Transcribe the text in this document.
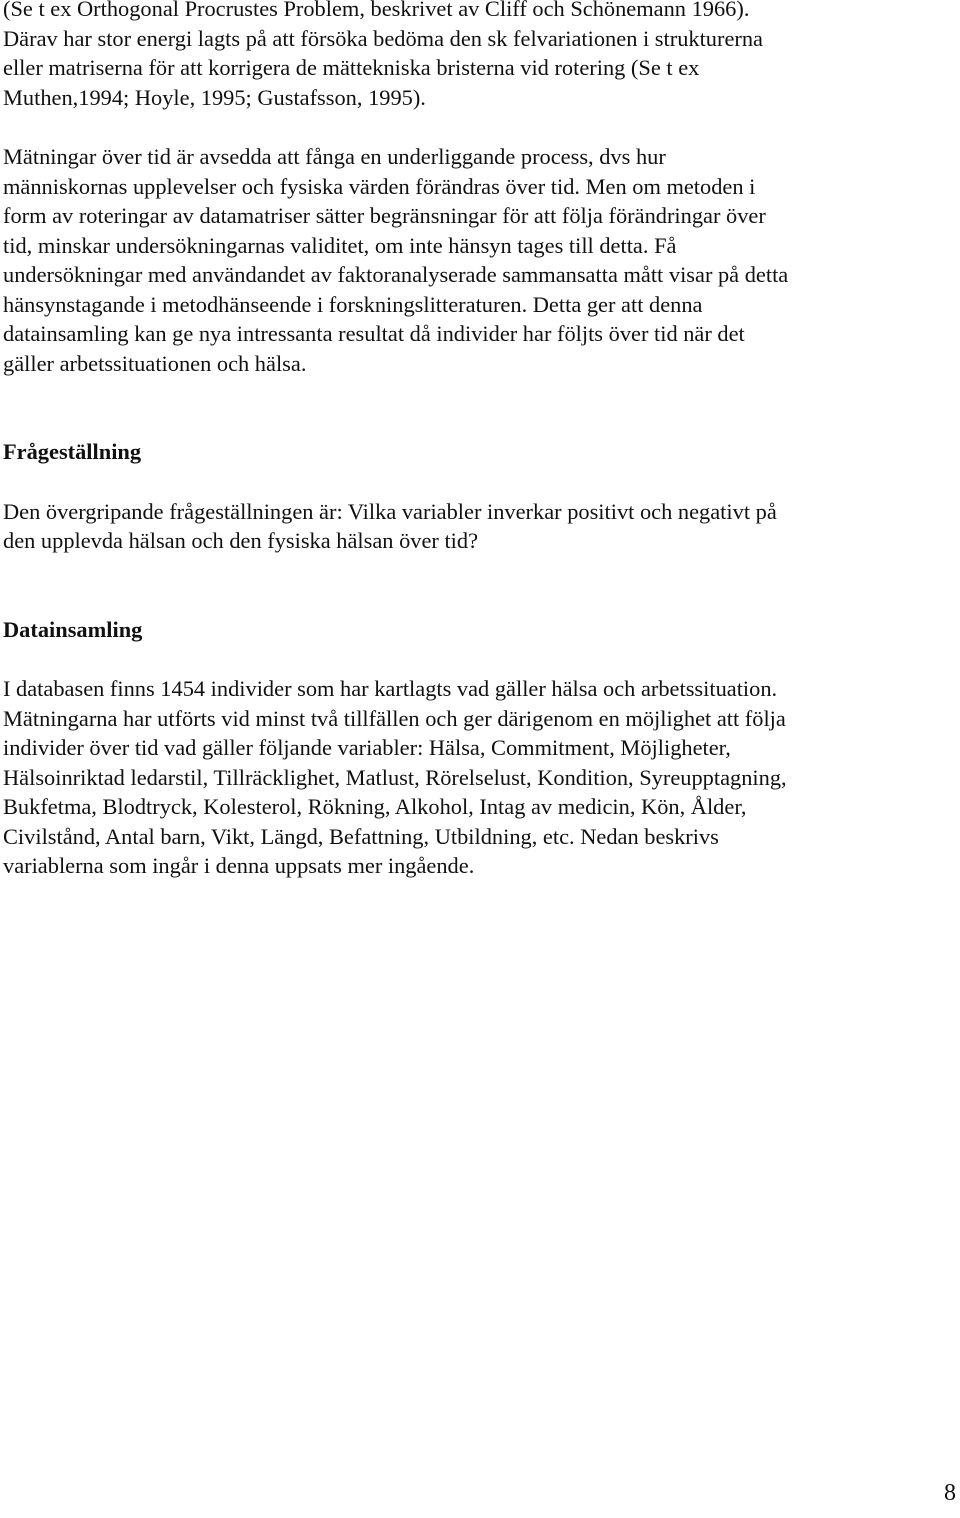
(Se t ex Orthogonal Procrustes Problem, beskrivet av Cliff och Schönemann 1966).
Därav har stor energi lagts på att försöka bedöma den sk felvariationen i strukturerna
eller matriserna för att korrigera de mättekniska bristerna vid rotering (Se t ex
Muthen,1994; Hoyle, 1995; Gustafsson, 1995).

Mätningar över tid är avsedda att fånga en underliggande process, dvs hur
människornas upplevelser och fysiska värden förändras över tid. Men om metoden i
form av roteringar av datamatriser sätter begränsningar för att följa förändringar över
tid, minskar undersökningarnas validitet, om inte hänsyn tages till detta. Få
undersökningar med användandet av faktoranalyserade sammansatta mått visar på detta
hänsynstagande i metodhänseende i forskningslitteraturen. Detta ger att denna
datainsamling kan ge nya intressanta resultat då individer har följts över tid när det
gäller arbetssituationen och hälsa.

Frågeställning

Den övergripande frågeställningen är: Vilka variabler inverkar positivt och negativt på
den upplevda hälsan och den fysiska hälsan över tid?

Datainsamling

I databasen finns 1454 individer som har kartlagts vad gäller hälsa och arbetssituation.
Mätningarna har utförts vid minst två tillfällen och ger därigenom en möjlighet att följa
individer över tid vad gäller följande variabler: Hälsa, Commitment, Möjligheter,
Hälsoinriktad ledarstil, Tillräcklighet, Matlust, Rörelselust, Kondition, Syreupptagning,
Bukfetma, Blodtryck, Kolesterol, Rökning, Alkohol, Intag av medicin, Kön, Ålder,
Civilstånd, Antal barn, Vikt, Längd, Befattning, Utbildning, etc. Nedan beskrivs
variablerna som ingår i denna uppsats mer ingående.

8
